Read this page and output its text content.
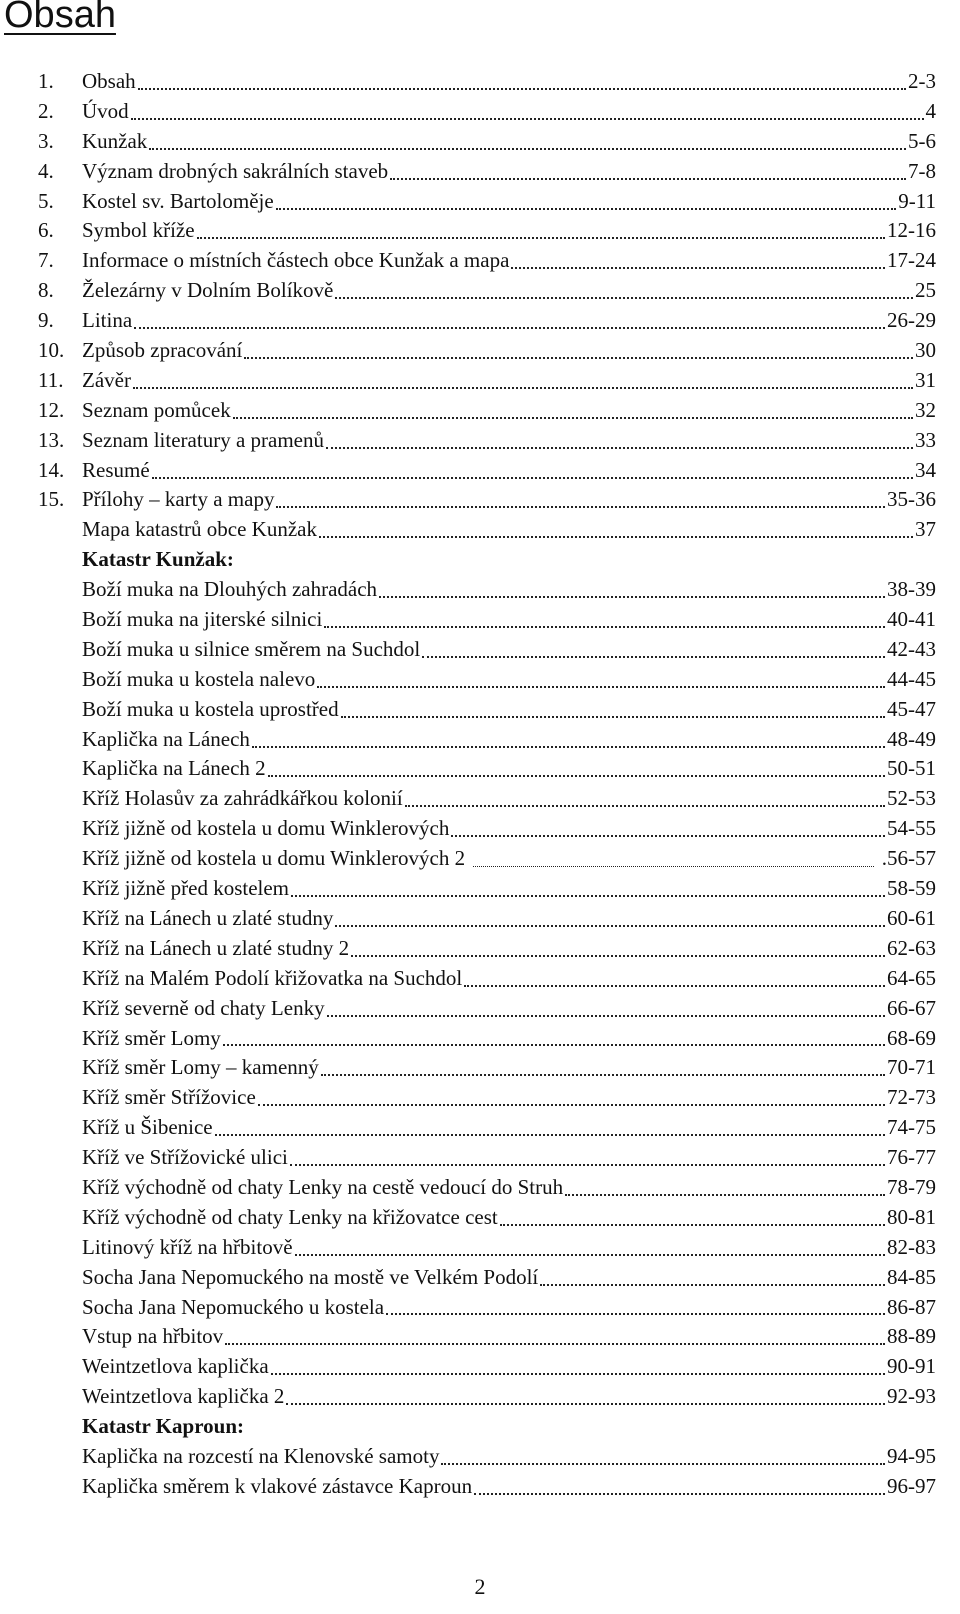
Obsah
1.	Obsah	2-3
2.	Úvod	4
3.	Kunžak	5-6
4.	Význam drobných sakrálních staveb	7-8
5.	Kostel sv. Bartoloměje	9-11
6.	Symbol kříže	12-16
7.	Informace o místních částech obce Kunžak a mapa	17-24
8.	Železárny v Dolním Bolíkově	25
9.	Litina	26-29
10. Způsob zpracování	30
11. Závěr	31
12. Seznam pomůcek	32
13. Seznam literatury a pramenů	33
14. Resumé	34
15. Přílohy – karty a mapy	35-36
Mapa katastrů obce Kunžak	37
Katastr Kunžak:
Boží muka na Dlouhých zahradách	38-39
Boží muka na jiterské silnici	40-41
Boží muka u silnice směrem na Suchdol	42-43
Boží muka u kostela nalevo	44-45
Boží muka u kostela uprostřed	45-47
Kaplička na Lánech	48-49
Kaplička na Lánech 2	50-51
Kříž Holasův za zahrádkářkou kolonií	52-53
Kříž jižně od kostela u domu Winklerových	54-55
Kříž jižně od kostela u domu Winklerových 2	.56-57
Kříž jižně před kostelem	58-59
Kříž na Lánech u zlaté studny	60-61
Kříž na Lánech u zlaté studny 2	62-63
Kříž na Malém Podolí křižovatka na Suchdol	64-65
Kříž severně od chaty Lenky	66-67
Kříž směr Lomy	68-69
Kříž směr Lomy – kamenný	70-71
Kříž směr Střížovice	72-73
Kříž u Šibenice	74-75
Kříž ve Střížovické ulici	76-77
Kříž východně od chaty Lenky na cestě vedoucí do Struh	78-79
Kříž východně od chaty Lenky na křižovatce cest	80-81
Litinový kříž na hřbitově	82-83
Socha Jana Nepomuckého na mostě ve Velkém Podolí	84-85
Socha Jana Nepomuckého u kostela	86-87
Vstup na hřbitov	88-89
Weintzetlova kaplička	90-91
Weintzetlova kaplička 2	92-93
Katastr Kaproun:
Kaplička na rozcestí na Klenovské samoty	94-95
Kaplička směrem k vlakové zástavce Kaproun	96-97
2
